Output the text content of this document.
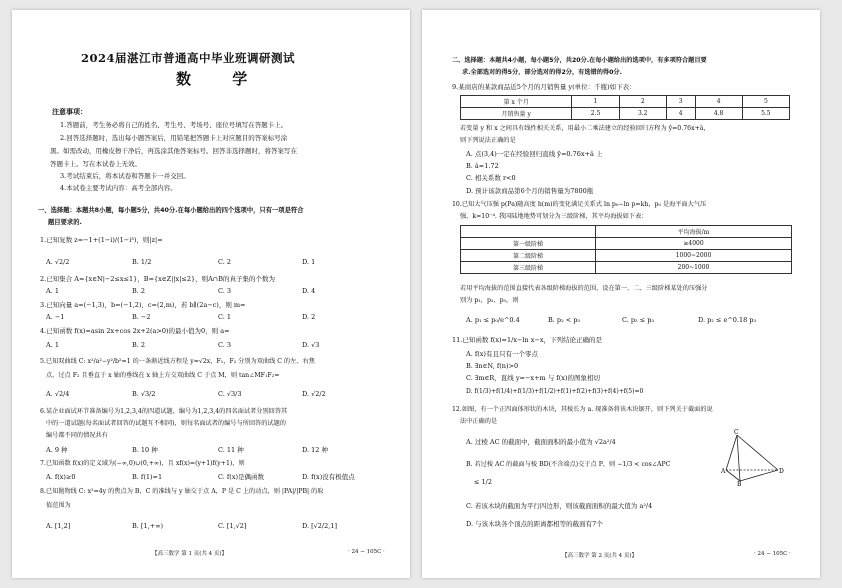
2024届湛江市普通高中毕业班调研测试
数 学
注意事项：
1.答题前，考生务必将自己的姓名、考生号、考场号、座位号填写在答题卡上。
2.回答选择题时，选出每小题答案后，用铅笔把答题卡上对应题目的答案标号涂
黑。如需改动，用橡皮擦干净后，再选涂其他答案标号。回答非选择题时，将答案写在
答题卡上。写在本试卷上无效。
3.考试结束后，将本试卷和答题卡一并交回。
4.本试卷主要考试内容：高考全部内容。
一、选择题：本题共8小题，每小题5分，共40分.在每小题给出的四个选项中，只有一项是符合
题目要求的.
1.已知复数 z=−1+(1−i)/(1−i³)，则|z|=
A. √2/2	B. 1/2	C. 2	D. 1
2.已知集合 A={x∈N|−2≤x≤1}，B={x∈Z||x|≤2}，则A∩B的真子集的个数为
A. 1	B. 2	C. 3	D. 4
3.已知向量 a=(−1,3)，b=(−1,2)，c=(2,m)，若 b∥(2a−c)，则 m=
A. −1	B. −2	C. 1	D. 2
4.已知函数 f(x)=asin 2x+cos 2x+2(a>0)的最小值为0，则 a=
A. 1	B. 2	C. 3	D. √3
5.已知双曲线 C: x²/a²−y²/b²=1 的一条渐近线方程是 y=√2x，F₁，F₂ 分别为双曲线 C 的左、右焦
点，过点 F₂ 且垂直于 x 轴的垂线在 x 轴上方交双曲线 C 于点 M，则 tan∠MF₁F₂=
A. √2/4	B. √3/2	C. √3/3	D. √2/2
6.某企业面试环节准备编号为1,2,3,4的四道试题，编号为1,2,3,4的四名面试者分别回答其
中的一道试题(每名面试者回答的试题互不相同)，则每名面试者的编号与所回答的试题的
编号都不同的情况共有
A. 9 种	B. 10 种	C. 11 种	D. 12 种
7.已知函数 f(x)的定义域为(−∞,0)∪(0,+∞)，且 xf(x)=(y+1)f(y+1)，则
A. f(x)≥0	B. f(1)=1	C. f(x)是偶函数	D. f(x)没有极值点
8.已知抛物线 C: x²=4y 的焦点为 B，C 的准线与 y 轴交于点 A，P 是 C 上的动点，则 |PA|/|PB| 的取
值范围为
A. [1,2]	B. [1,+∞)	C. [1,√2]	D. [√2/2,1]
【高三数学 第 1 页(共 4 页)】	· 24 − 105C ·
二、选择题：本题共4小题，每小题5分，共20分.在每小题给出的选项中，有多项符合题目要
求.全部选对的得5分，部分选对的得2分，有选错的得0分.
9.某商店的某款商品近5个月的月销售量 y(单位：千瓶)如下表：
第 x 个月	1	2	3	4	5
月销售量 y	2.5	3.2	4	4.8	5.5
若变量 y 和 x 之间具有线性相关关系，用最小二乘法建立的经验回归方程为 ŷ=0.76x+â，
则下列说法正确的是
A. 点(3,4)一定在经验回归直线 ŷ=0.76x+â 上
B. â=1.72
C. 相关系数 r<0
D. 预计该款商品第6个月的销售量为7800瓶
10.已知大气压强 p(Pa)随高度 h(m)的变化满足关系式 ln p₀−ln p=kh，p₀ 是海平面大气压
强，k=10⁻⁴. 我国陆地地势可划分为三级阶梯，其平均海拔如下表：
	平均海拔/m
第一级阶梯	≥4000
第二级阶梯	1000~2000
第三级阶梯	200~1000
若用平均海拔的范围直接代表各级阶梯海拔的范围，设在第一、二、三级阶梯某处的压强分
别为 p₁，p₂，p₃，则
A. p₁ ≤ p₀/e^0.4	B. p₂ < p₃	C. p₂ ≤ p₃	D. p₂ ≤ e^0.18 p₃
11.已知函数 f(x)=1/x−ln x−x，下列结论正确的是
A. f(x)有且只有一个零点
B. ∃n∈N, f(n)>0
C. ∃m∈R，直线 y=−x+m 与 f(x)的图象相切
D. f(1/3)+f(1/4)+f(1/3)+f(1/2)+f(1)+f(2)+f(3)+f(4)+f(5)=0
12.如图，有一个正四面体形状的木块，其棱长为 a. 现准备将该木块锯开，则下列关于截面的说
法中正确的是
A. 过棱 AC 的截面中，截面面积的最小值为 √2a²/4
B. 若过棱 AC 的截面与棱 BD(不含端点)交于点 P，则 −1/3 < cos∠APC
≤ 1/2
C. 若该木块的截面为平行四边形，则该截面面积的最大值为 a²/4
D. 与该木块各个顶点的距离都相等的截面有7个
C
A
B
D
【高三数学 第 2 页(共 4 页)】	· 24 − 105C ·
